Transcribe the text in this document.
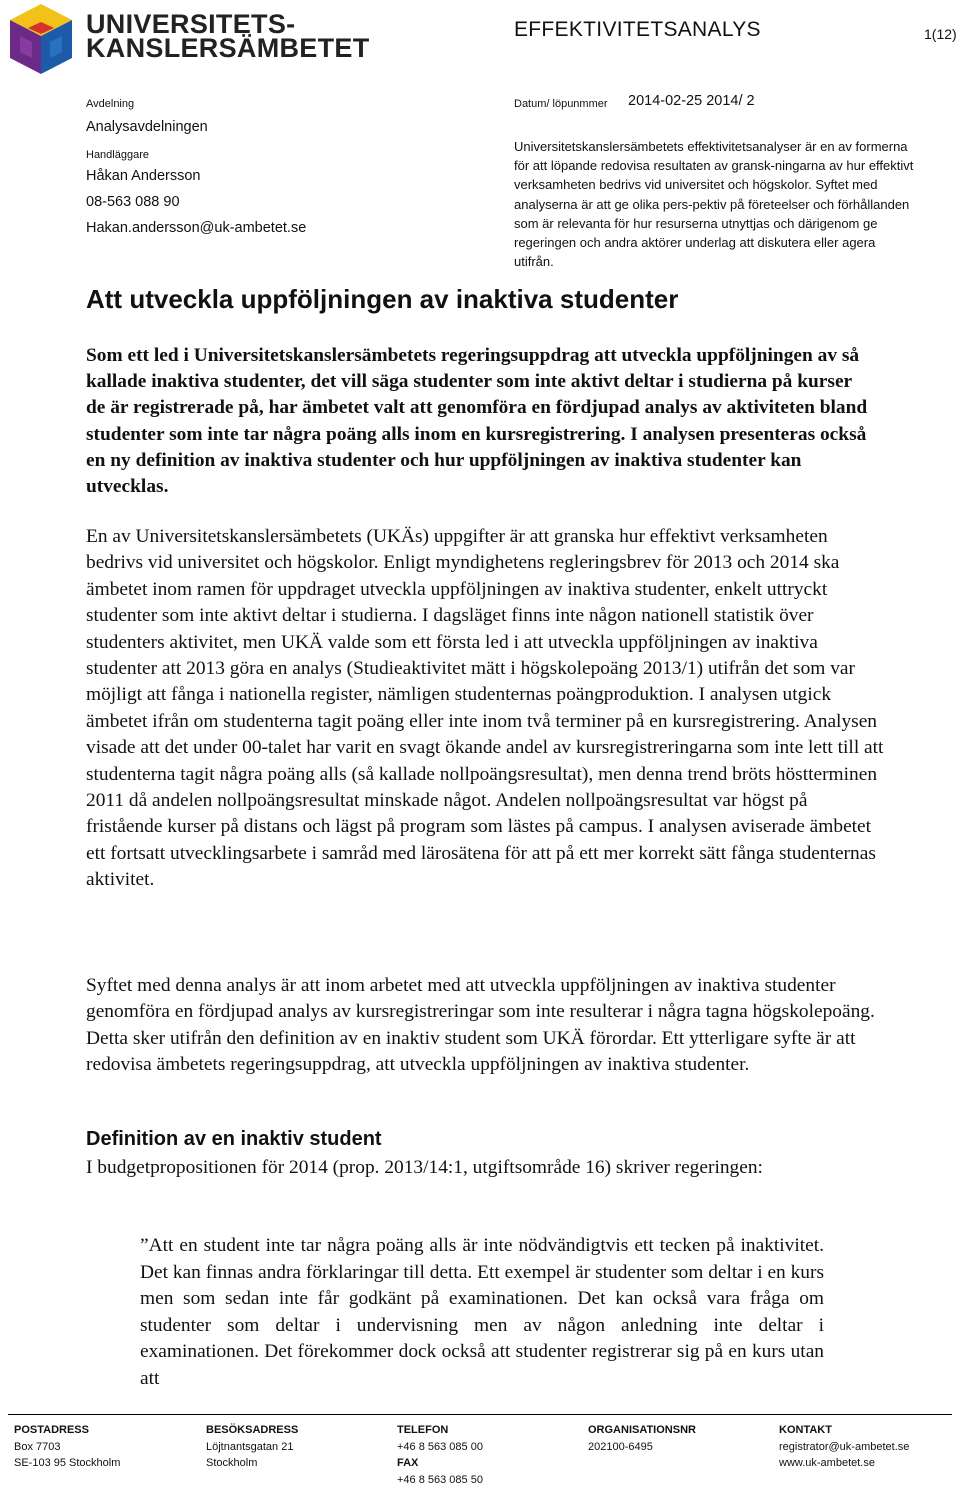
UNIVERSITETS-
KANSLERSÄMBETET
EFFEKTIVITETSANALYS	1(12)
Avdelning
Analysavdelningen
Handläggare
Håkan Andersson
08-563 088 90
Hakan.andersson@uk-ambetet.se
Datum/ löpunmmer 2014-02-25 2014/ 2
Universitetskanslersämbetets effektivitetsanalyser är en av formerna för att löpande redovisa resultaten av gransk-ningarna av hur effektivt verksamheten bedrivs vid universitet och högskolor. Syftet med analyserna är att ge olika pers-pektiv på företeelser och förhållanden som är relevanta för hur resurserna utnyttjas och därigenom ge regeringen och andra aktörer underlag att diskutera eller agera utifrån.
Att utveckla uppföljningen av inaktiva studenter
Som ett led i Universitetskanslersämbetets regeringsuppdrag att utveckla uppföljningen av så kallade inaktiva studenter, det vill säga studenter som inte aktivt deltar i studierna på kurser de är registrerade på, har ämbetet valt att genomföra en fördjupad analys av aktiviteten bland studenter som inte tar några poäng alls inom en kursregistrering. I analysen presenteras också en ny definition av inaktiva studenter och hur uppföljningen av inaktiva studenter kan utvecklas.
En av Universitetskanslersämbetets (UKÄs) uppgifter är att granska hur effektivt verksamheten bedrivs vid universitet och högskolor. Enligt myndighetens regleringsbrev för 2013 och 2014 ska ämbetet inom ramen för uppdraget utveckla uppföljningen av inaktiva studenter, enkelt uttryckt studenter som inte aktivt deltar i studierna. I dagsläget finns inte någon nationell statistik över studenters aktivitet, men UKÄ valde som ett första led i att utveckla uppföljningen av inaktiva studenter att 2013 göra en analys (Studieaktivitet mätt i högskolepoäng 2013/1) utifrån det som var möjligt att fånga i nationella register, nämligen studenternas poängproduktion. I analysen utgick ämbetet ifrån om studenterna tagit poäng eller inte inom två terminer på en kursregistrering. Analysen visade att det under 00-talet har varit en svagt ökande andel av kursregistreringarna som inte lett till att studenterna tagit några poäng alls (så kallade nollpoängsresultat), men denna trend bröts höstterminen 2011 då andelen nollpoängsresultat minskade något. Andelen nollpoängsresultat var högst på fristående kurser på distans och lägst på program som lästes på campus. I analysen aviserade ämbetet ett fortsatt utvecklingsarbete i samråd med lärosätena för att på ett mer korrekt sätt fånga studenternas aktivitet.
Syftet med denna analys är att inom arbetet med att utveckla uppföljningen av inaktiva studenter genomföra en fördjupad analys av kursregistreringar som inte resulterar i några tagna högskolepoäng. Detta sker utifrån den definition av en inaktiv student som UKÄ förordar. Ett ytterligare syfte är att redovisa ämbetets regeringsuppdrag, att utveckla uppföljningen av inaktiva studenter.
Definition av en inaktiv student
I budgetpropositionen för 2014 (prop. 2013/14:1, utgiftsområde 16) skriver regeringen:
”Att en student inte tar några poäng alls är inte nödvändigtvis ett tecken på inaktivitet. Det kan finnas andra förklaringar till detta. Ett exempel är studenter som deltar i en kurs men som sedan inte får godkänt på examinationen. Det kan också vara fråga om studenter som deltar i undervisning men av någon anledning inte deltar i examinationen. Det förekommer dock också att studenter registrerar sig på en kurs utan att
POSTADRESS
Box 7703
SE-103 95 Stockholm
BESÖKSADRESS
Löjtnantsgatan 21
Stockholm
TELEFON
+46 8 563 085 00
FAX
+46 8 563 085 50
ORGANISATIONSNR
202100-6495
KONTAKT
registrator@uk-ambetet.se
www.uk-ambetet.se
